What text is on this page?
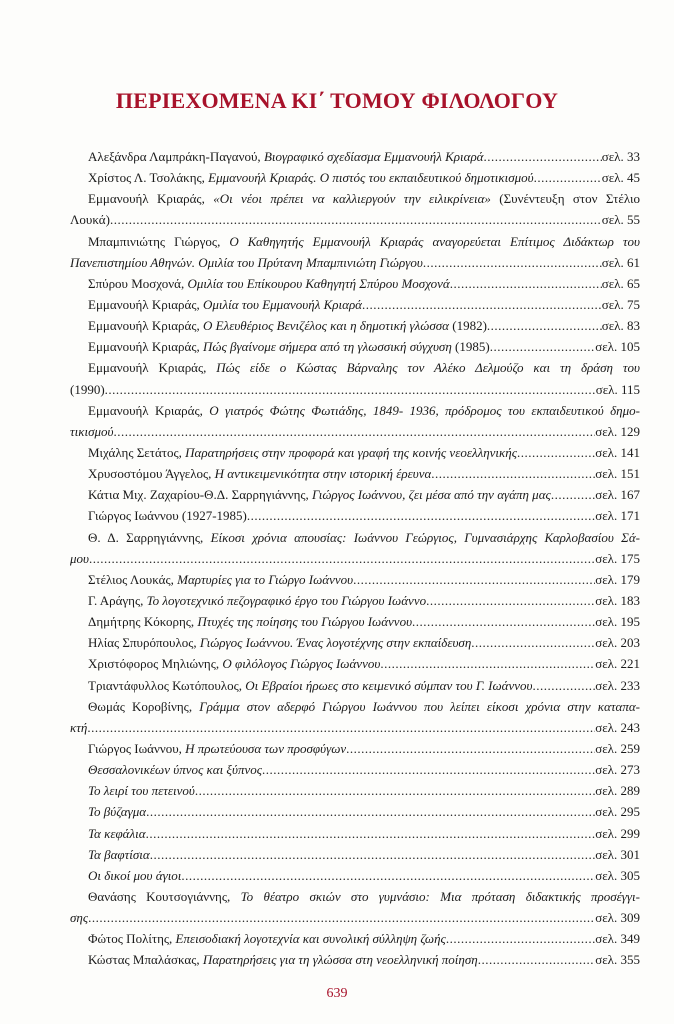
ΠΕΡΙΕΧΟΜΕΝΑ ΚΙ΄ ΤΟΜΟΥ ΦΙΛΟΛΟΓΟΥ
Αλεξάνδρα Λαμπράκη-Παγανού, Βιογραφικό σχεδίασμα Εμμανουήλ Κριαρά .....	σελ. 33
Χρίστος Λ. Τσολάκης, Εμμανουήλ Κριαράς. Ο πιστός του εκπαιδευτικού δημοτικισμού .....	σελ. 45
Εμμανουήλ Κριαράς, «Οι νέοι πρέπει να καλλιεργούν την ειλικρίνεια» (Συνέντευξη στον Στέλιο
Λουκά) .....	σελ. 55
Μπαμπινιώτης Γιώργος, Ο Καθηγητής Εμμανουήλ Κριαράς αναγορεύεται Επίτιμος Διδάκτωρ του
Πανεπιστημίου Αθηνών. Ομιλία του Πρύτανη Μπαμπινιώτη Γιώργου .....	σελ. 61
Σπύρου Μοσχονά, Ομιλία του Επίκουρου Καθηγητή Σπύρου Μοσχονά .....	σελ. 65
Εμμανουήλ Κριαράς, Ομιλία του Εμμανουήλ Κριαρά .....	σελ. 75
Εμμανουήλ Κριαράς, Ο Ελευθέριος Βενιζέλος και η δημοτική γλώσσα (1982) .....	σελ. 83
Εμμανουήλ Κριαράς, Πώς βγαίνομε σήμερα από τη γλωσσική σύγχυση (1985) .....	σελ. 105
Εμμανουήλ Κριαράς, Πώς είδε ο Κώστας Βάρναλης τον Αλέκο Δελμούζο και τη δράση του
(1990) .....	σελ. 115
Εμμανουήλ Κριαράς, Ο γιατρός Φώτης Φωτιάδης, 1849- 1936, πρόδρομος του εκπαιδευτικού δημο-
τικισμού .....	σελ. 129
Μιχάλης Σετάτος, Παρατηρήσεις στην προφορά και γραφή της κοινής νεοελληνικής .....	σελ. 141
Χρυσοστόμου Άγγελος, Η αντικειμενικότητα στην ιστορική έρευνα .....	σελ. 151
Κάτια Μιχ. Ζαχαρίου-Θ.Δ. Σαρρηγιάννης, Γιώργος Ιωάννου, ζει μέσα από την αγάπη μας .....	σελ. 167
Γιώργος Ιωάννου (1927-1985) .....	σελ. 171
Θ. Δ. Σαρρηγιάννης, Είκοσι χρόνια απουσίας: Ιωάννου Γεώργιος, Γυμνασιάρχης Καρλοβασίου Σά-
μου .....	σελ. 175
Στέλιος Λουκάς, Μαρτυρίες για το Γιώργο Ιωάννου .....	σελ. 179
Γ. Αράγης, Το λογοτεχνικό πεζογραφικό έργο του Γιώργου Ιωάννο .....	σελ. 183
Δημήτρης Κόκορης, Πτυχές της ποίησης του Γιώργου Ιωάννου .....	σελ. 195
Ηλίας Σπυρόπουλος, Γιώργος Ιωάννου. Ένας λογοτέχνης στην εκπαίδευση .....	σελ. 203
Χριστόφορος Μηλιώνης, Ο φιλόλογος Γιώργος Ιωάννου .....	σελ. 221
Τριαντάφυλλος Κωτόπουλος, Οι Εβραίοι ήρωες στο κειμενικό σύμπαν του Γ. Ιωάννου .....	σελ. 233
Θωμάς Κοροβίνης, Γράμμα στον αδερφό Γιώργου Ιωάννου που λείπει είκοσι χρόνια στην καταπα-
κτή .....	σελ. 243
Γιώργος Ιωάννου, Η πρωτεύουσα των προσφύγων .....	σελ. 259
Θεσσαλονικέων ύπνος και ξύπνος .....	σελ. 273
Το λειρί του πετεινού .....	σελ. 289
Το βύζαγμα .....	σελ. 295
Τα κεφάλια .....	σελ. 299
Τα βαφτίσια .....	σελ. 301
Οι δικοί μου άγιοι .....	σελ. 305
Θανάσης Κουτσογιάννης, Το θέατρο σκιών στο γυμνάσιο: Μια πρόταση διδακτικής προσέγγι-
σης .....	σελ. 309
Φώτος Πολίτης, Επεισοδιακή λογοτεχνία και συνολική σύλληψη ζωής .....	σελ. 349
Κώστας Μπαλάσκας, Παρατηρήσεις για τη γλώσσα στη νεοελληνική ποίηση .....	σελ. 355
639
